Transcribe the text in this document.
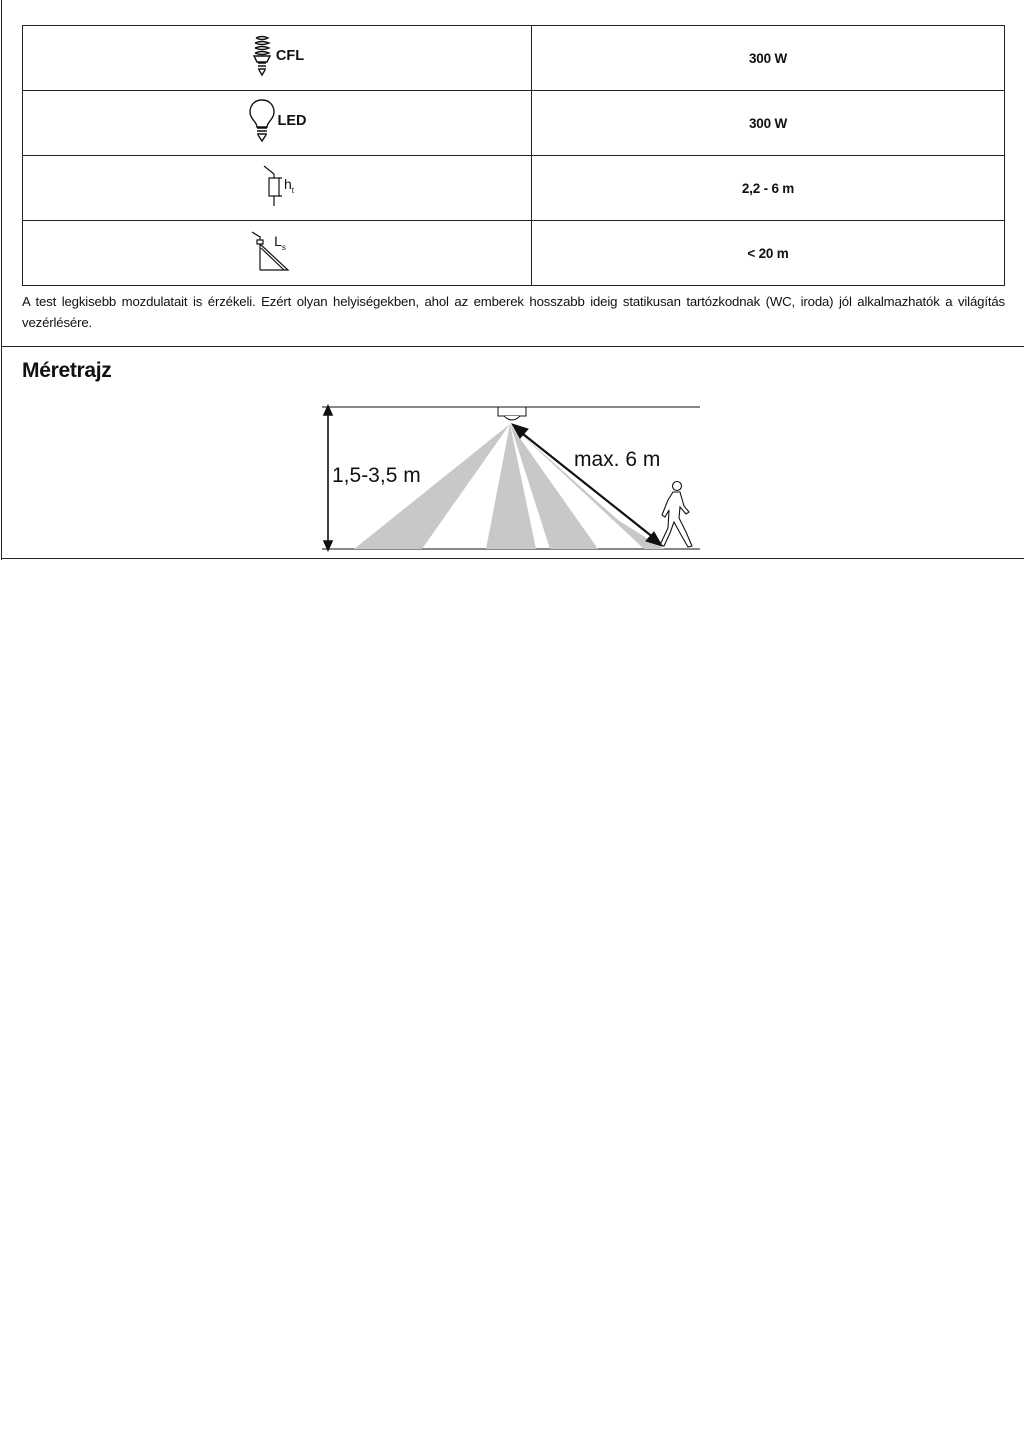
CFL	300 W

LED	300 W

$h_t$	2,2 - 6 m

$L_s$	< 20 m
A test legkisebb mozdulatait is érzékeli. Ezért olyan helyiségekben, ahol az emberek hosszabb ideig statikusan tartózkodnak (WC, iroda) jól alkalmazhatók a világítás vezérlésére.
Méretrajz
1,5-3,5 m
max. 6 m
